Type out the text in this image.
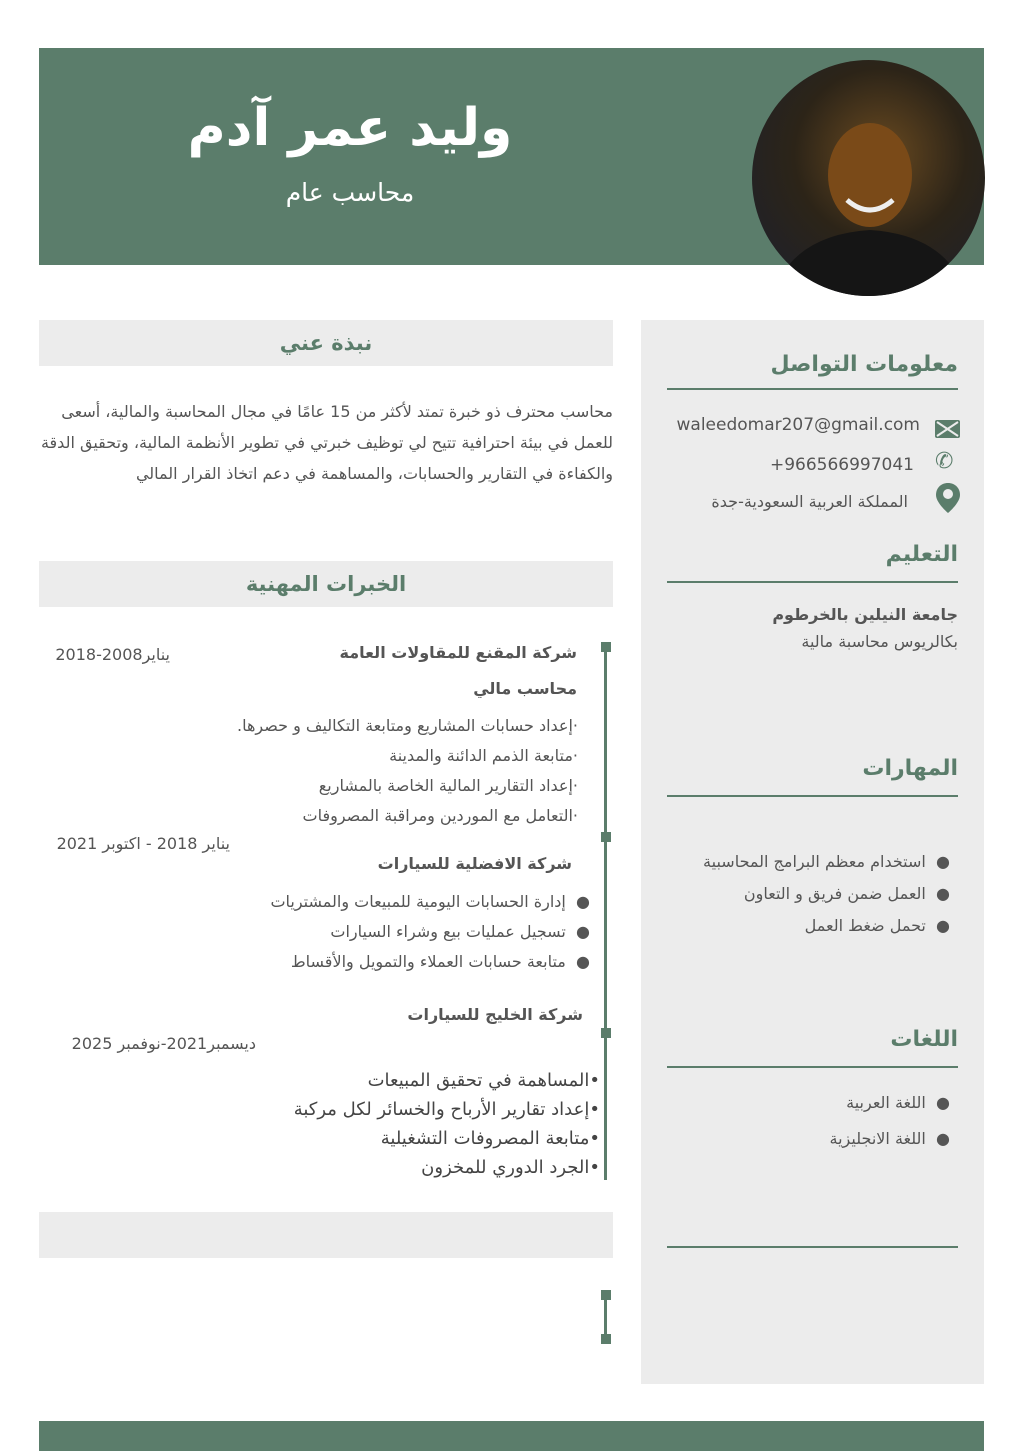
وليد عمر آدم
محاسب عام
نبذة عني
محاسب محترف ذو خبرة تمتد لأكثر من 15 عامًا في مجال المحاسبة والمالية، أسعى للعمل في بيئة احترافية تتيح لي توظيف خبرتي في تطوير الأنظمة المالية، وتحقيق الدقة والكفاءة في التقارير والحسابات، والمساهمة في دعم اتخاذ القرار المالي
الخبرات المهنية
شركة المقنع للمقاولات العامة
يناير2008-2018
محاسب مالي
·إعداد حسابات المشاريع ومتابعة التكاليف و حصرها.
·متابعة الذمم الدائنة والمدينة
·إعداد التقارير المالية الخاصة بالمشاريع
·التعامل مع الموردين ومراقبة المصروفات
يناير 2018 - اكتوبر 2021
شركة الافضلية للسيارات
●  إدارة الحسابات اليومية للمبيعات والمشتريات
●  تسجيل عمليات بيع وشراء السيارات
●  متابعة حسابات العملاء والتمويل والأقساط
شركة الخليج للسيارات
ديسمبر2021-نوفمبر 2025
•المساهمة في تحقيق المبيعات
•إعداد تقارير الأرباح والخسائر لكل مركبة
•متابعة المصروفات التشغيلية
•الجرد الدوري للمخزون
معلومات التواصل
waleedomar207@gmail.com
+966566997041 ✆
المملكة العربية السعودية-جدة
التعليم
جامعة النيلين بالخرطوم
بكالريوس محاسبة مالية
المهارات
●  استخدام معظم البرامج المحاسبية
●  العمل ضمن فريق و التعاون
●  تحمل ضغط العمل
اللغات
●  اللغة العربية
●  اللغة الانجليزية
